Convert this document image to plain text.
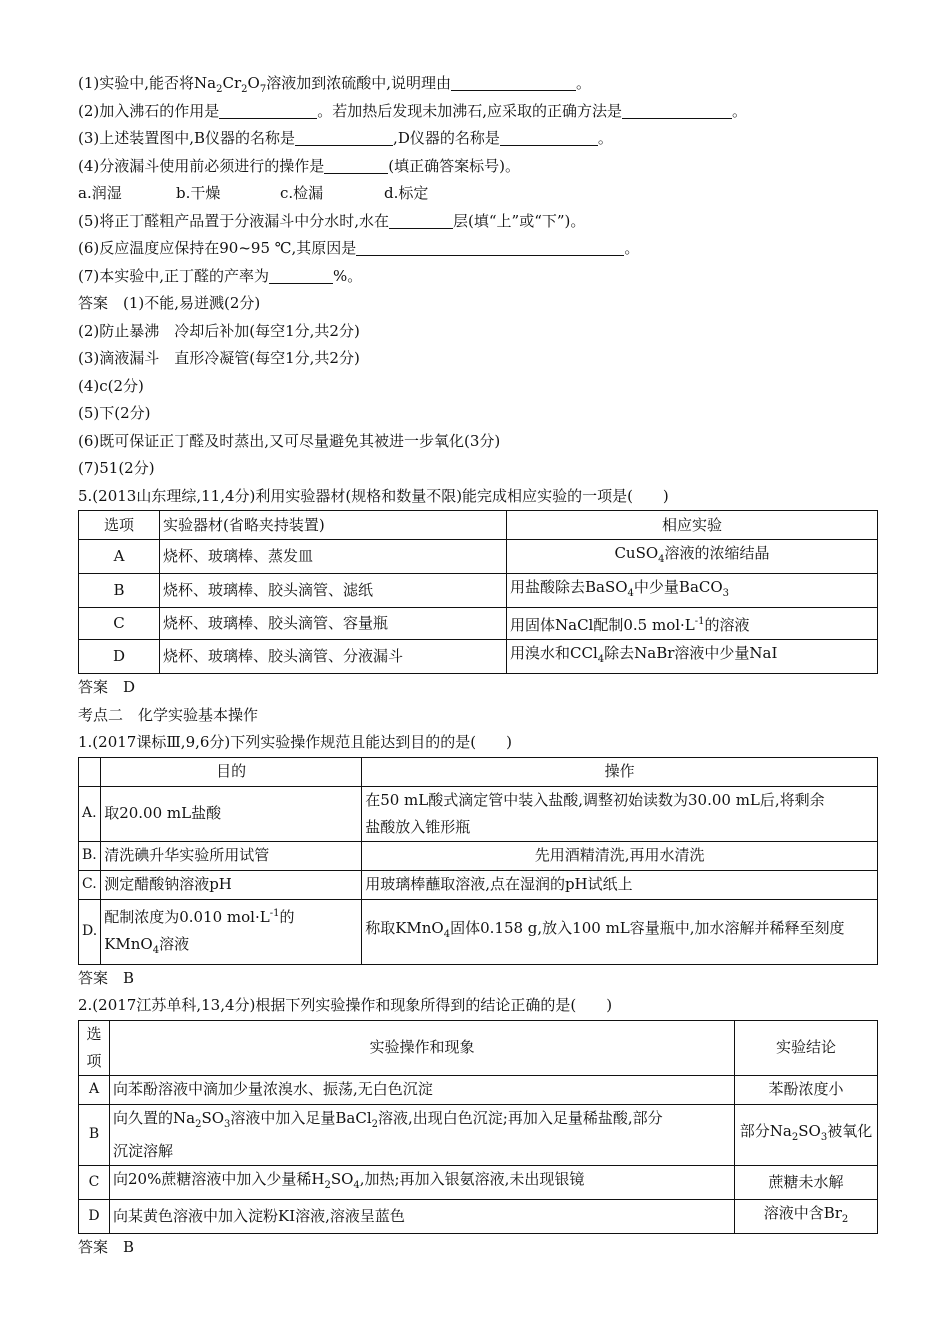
(1)实验中,能否将$Na_2Cr_2O_7$溶液加到浓硫酸中,说明理由	。
(2)加入沸石的作用是	。若加热后发现未加沸石,应采取的正确方法是	。
(3)上述装置图中,B仪器的名称是	,D仪器的名称是	。
(4)分液漏斗使用前必须进行的操作是	(填正确答案标号)。
a.润湿	b.干燥	c.检漏	d.标定
(5)将正丁醛粗产品置于分液漏斗中分水时,水在	层(填“上”或“下”)。
(6)反应温度应保持在90~95 ℃,其原因是	。
(7)本实验中,正丁醛的产率为	%。
答案　(1)不能,易迸溅(2分)
(2)防止暴沸　冷却后补加(每空1分,共2分)
(3)滴液漏斗　直形冷凝管(每空1分,共2分)
(4)c(2分)
(5)下(2分)
(6)既可保证正丁醛及时蒸出,又可尽量避免其被进一步氧化(3分)
(7)51(2分)
5.(2013山东理综,11,4分)利用实验器材(规格和数量不限)能完成相应实验的一项是(　　)
选项	实验器材(省略夹持装置)	相应实验
A	烧杯、玻璃棒、蒸发皿	CuSO$_4$溶液的浓缩结晶
B	烧杯、玻璃棒、胶头滴管、滤纸	用盐酸除去BaSO$_4$中少量BaCO$_3$
C	烧杯、玻璃棒、胶头滴管、容量瓶	用固体NaCl配制0.5 $mol\cdot L^{-1}$的溶液
D	烧杯、玻璃棒、胶头滴管、分液漏斗	用溴水和CCl$_4$除去NaBr溶液中少量NaI
答案　D
考点二　化学实验基本操作
1.(2017课标Ⅲ,9,6分)下列实验操作规范且能达到目的的是(　　)
	目的	操作
A.	取20.00 mL盐酸	在50 mL酸式滴定管中装入盐酸,调整初始读数为30.00 mL后,将剩余
盐酸放入锥形瓶

B.	清洗碘升华实验所用试管	先用酒精清洗,再用水清洗
C.	测定醋酸钠溶液pH	用玻璃棒蘸取溶液,点在湿润的pH试纸上
D.	配制浓度为0.010 $mol\cdot L^{-1}$的
KMnO$_4$溶液	称取KMnO$_4$固体0.158 g,放入100 mL容量瓶中,加水溶解并稀释至刻度
答案　B
2.(2017江苏单科,13,4分)根据下列实验操作和现象所得到的结论正确的是(　　)
选
项	实验操作和现象	实验结论
A	向苯酚溶液中滴加少量浓溴水、振荡,无白色沉淀	苯酚浓度小
B	向久置的$Na_2SO_3$溶液中加入足量BaCl$_2$溶液,出现白色沉淀;再加入足量稀盐酸,部分
沉淀溶解	部分$Na_2SO_3$被氧化
C	向20%蔗糖溶液中加入少量稀$H_2SO_4$,加热;再加入银氨溶液,未出现银镜	蔗糖未水解
D	向某黄色溶液中加入淀粉KI溶液,溶液呈蓝色	溶液中含$Br_2$
答案　B
